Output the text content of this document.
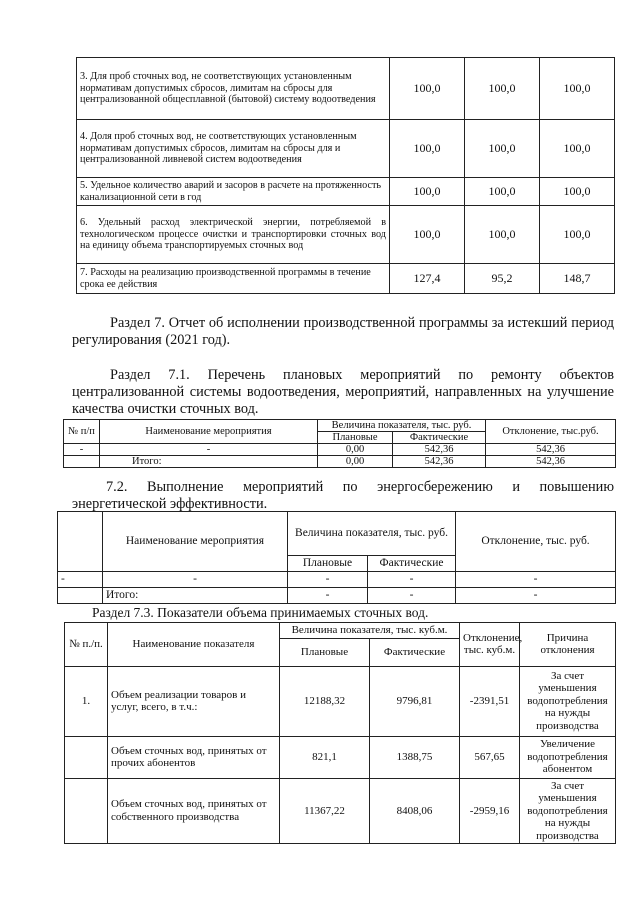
3. Для проб сточных вод, не соответствующих установленным нормативам допустимых сбросов, лимитам на сбросы для централизованной общесплавной (бытовой) систему водоотведения	100,0	100,0	100,0
4. Доля проб сточных вод, не соответствующих установленным нормативам допустимых сбросов, лимитам на сбросы для и централизованной ливневой систем водоотведения	100,0	100,0	100,0
5. Удельное количество аварий и засоров в расчете на протяженность канализационной сети в год	100,0	100,0	100,0
6. Удельный расход электрической энергии, потребляемой в технологическом процессе очистки и транспортировки сточных вод на единицу объема транспортируемых сточных вод	100,0	100,0	100,0
7. Расходы на реализацию производственной программы в течение срока ее действия	127,4	95,2	148,7
Раздел 7. Отчет об исполнении производственной программы за истекший период регулирования (2021 год).
Раздел 7.1. Перечень плановых мероприятий по ремонту объектов централизованной системы водоотведения, мероприятий, направленных на улучшение качества очистки сточных вод.
№ п/п	Наименование мероприятия	Величина показателя, тыс. руб.		Отклонение, тыс.руб.
		Плановые	Фактические	
-	-	0,00	542,36	542,36
	Итого:	0,00	542,36	542,36
7.2. Выполнение мероприятий по энергосбережению и повышению энергетической эффективности.
	Наименование мероприятия	Величина показателя, тыс. руб.		Отклонение, тыс. руб.
		Плановые	Фактические	
-	-	-	-	-
	Итого:	-	-	-
Раздел 7.3. Показатели объема принимаемых сточных вод.
№ п./п.	Наименование показателя	Величина показателя, тыс. куб.м.		Отклонение, тыс. куб.м.	Причина отклонения
		Плановые	Фактические		
1.	Объем реализации товаров и услуг, всего, в т.ч.:	12188,32	9796,81	-2391,51	За счет уменьшения водопотребления на нужды производства
	Объем сточных вод, принятых от прочих абонентов	821,1	1388,75	567,65	Увеличение водопотребления абонентом
	Объем сточных вод, принятых от собственного производства	11367,22	8408,06	-2959,16	За счет уменьшения водопотребления на нужды производства
